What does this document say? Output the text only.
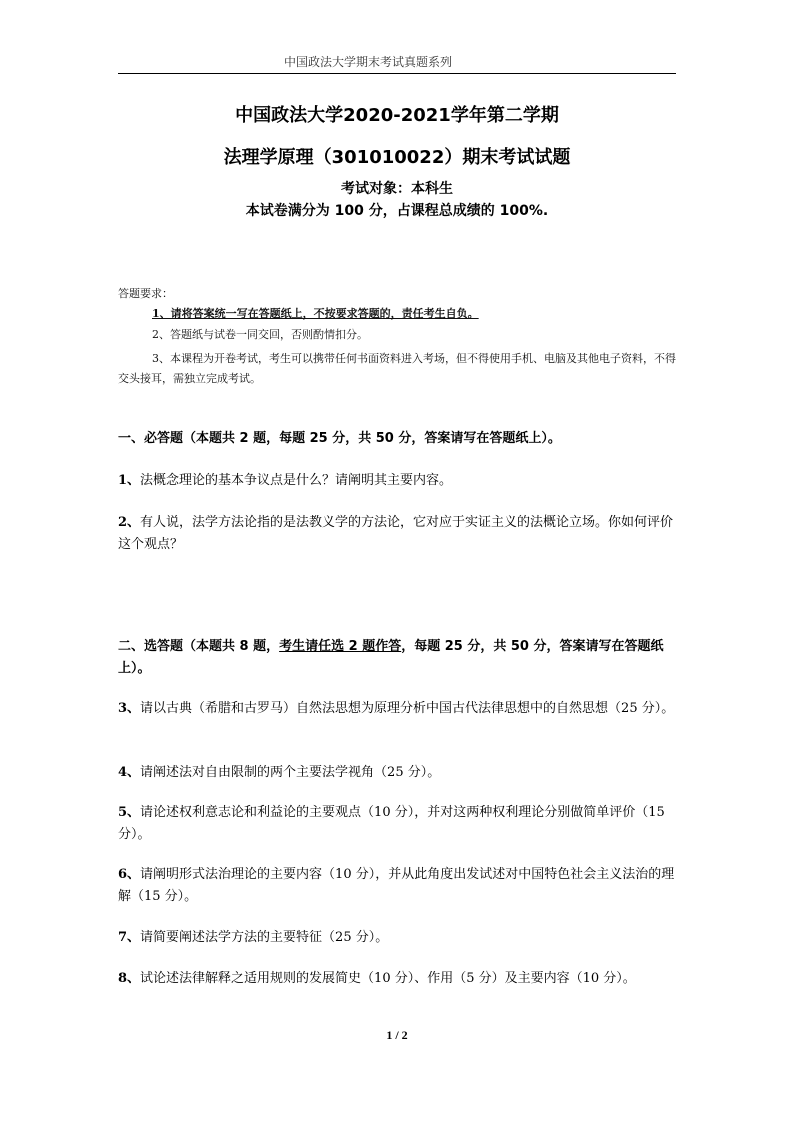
中国政法大学期末考试真题系列
中国政法大学2020-2021学年第二学期
法理学原理（301010022）期末考试试题
考试对象：本科生
本试卷满分为 100 分，占课程总成绩的 100%.
答题要求：
1、请将答案统一写在答题纸上，不按要求答题的，责任考生自负。
2、答题纸与试卷一同交回，否则酌情扣分。
3、本课程为开卷考试，考生可以携带任何书面资料进入考场，但不得使用手机、电脑及其他电子资料，不得交头接耳，需独立完成考试。

一、必答题（本题共 2 题，每题 25 分，共 50 分，答案请写在答题纸上）。

1、法概念理论的基本争议点是什么？请阐明其主要内容。

2、有人说，法学方法论指的是法教义学的方法论，它对应于实证主义的法概论立场。你如何评价这个观点？

二、选答题（本题共 8 题，考生请任选 2 题作答，每题 25 分，共 50 分，答案请写在答题纸上）。

3、请以古典（希腊和古罗马）自然法思想为原理分析中国古代法律思想中的自然思想（25 分）。

4、请阐述法对自由限制的两个主要法学视角（25 分）。

5、请论述权利意志论和利益论的主要观点（10 分），并对这两种权利理论分别做简单评价（15 分）。

6、请阐明形式法治理论的主要内容（10 分），并从此角度出发试述对中国特色社会主义法治的理解（15 分）。

7、请简要阐述法学方法的主要特征（25 分）。

8、试论述法律解释之适用规则的发展简史（10 分）、作用（5 分）及主要内容（10 分）。

1 / 2
